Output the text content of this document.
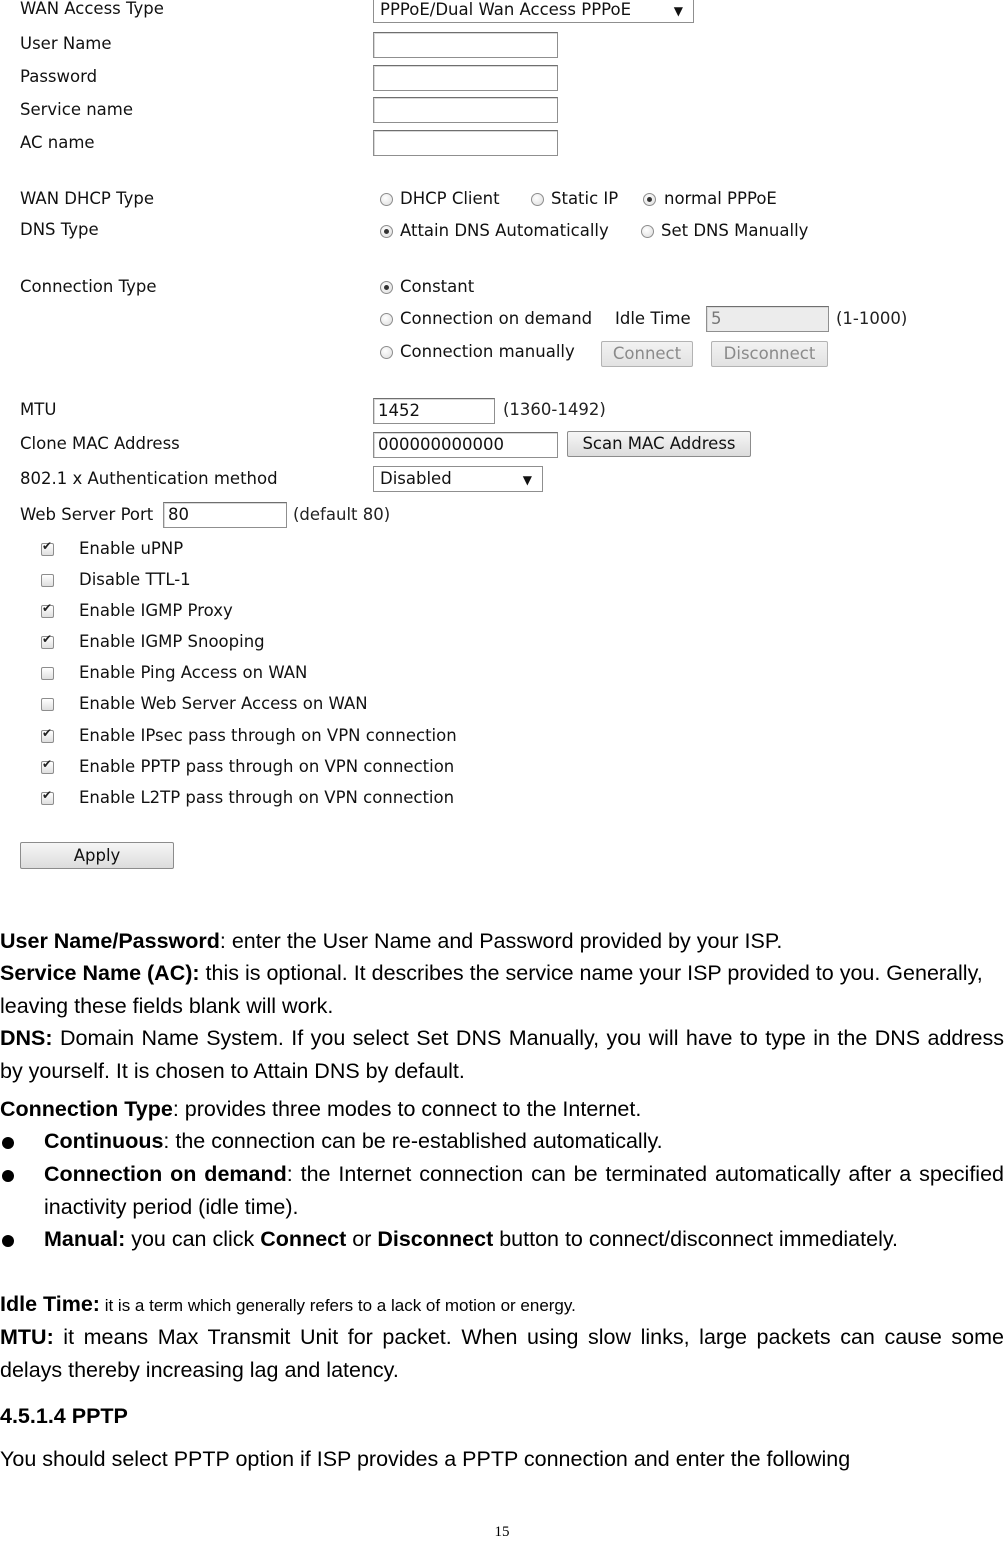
WAN Access Type	PPPoE/Dual Wan Access PPPoE	▼
User Name
Password
Service name
AC name
WAN DHCP Type	DHCP Client	Static IP	normal PPPoE
DNS Type	Attain DNS Automatically	Set DNS Manually
Connection Type	Constant
Connection on demand Idle Time	5	(1-1000)
Connection manually	Connect	Disconnect
MTU	1452	(1360-1492)
Clone MAC Address	000000000000	Scan MAC Address
802.1 x Authentication method	Disabled	▼
Web Server Port 80	(default 80)
✔
Enable uPNP
Disable TTL-1
✔
Enable IGMP Proxy
✔
Enable IGMP Snooping
Enable Ping Access on WAN
Enable Web Server Access on WAN
✔
Enable IPsec pass through on VPN connection
✔
Enable PPTP pass through on VPN connection
✔
Enable L2TP pass through on VPN connection
Apply
User Name/Password: enter the User Name and Password provided by your ISP.
Service Name (AC): this is optional. It describes the service name your ISP provided to you. Generally, leaving these fields blank will work.
DNS: Domain Name System. If you select Set DNS Manually, you will have to type in the DNS address by yourself. It is chosen to Attain DNS by default.
Connection Type: provides three modes to connect to the Internet.
Continuous: the connection can be re-established automatically.
Connection on demand: the Internet connection can be terminated automatically after a specified inactivity period (idle time).
Manual: you can click Connect or Disconnect button to connect/disconnect immediately.
Idle Time: it is a term which generally refers to a lack of motion or energy.
MTU: it means Max Transmit Unit for packet. When using slow links, large packets can cause some delays thereby increasing lag and latency.
4.5.1.4 PPTP
You should select PPTP option if ISP provides a PPTP connection and enter the following
15
